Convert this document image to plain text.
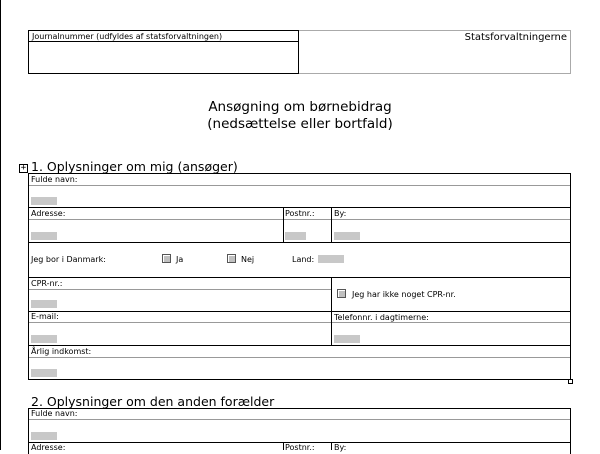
Journalnummer (udfyldes af statsforvaltningen)	Statsforvaltningerne
Ansøgning om børnebidrag
(nedsættelse eller bortfald)
+ 1. Oplysninger om mig (ansøger)
Fulde navn:
Adresse:	Postnr.: By:
Jeg bor i Danmark:	Ja	Nej	Land:
CPR-nr.:
Jeg har ikke noget CPR-nr.
E-mail:	Telefonnr. i dagtimerne:
Årlig indkomst:
2. Oplysninger om den anden forælder
Fulde navn:
Adresse:	Postnr.: By:
